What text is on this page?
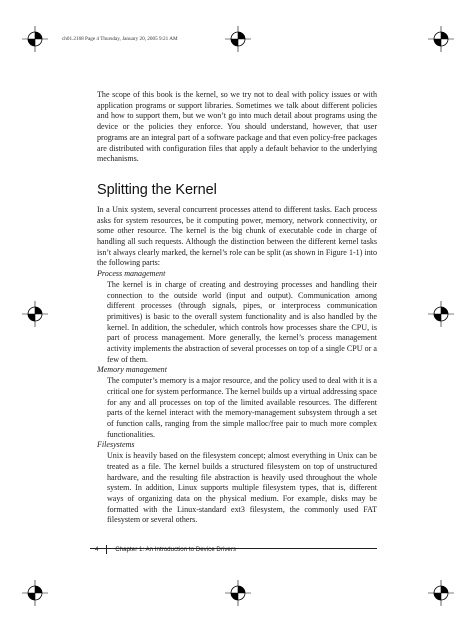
ch01.2168 Page 4 Thursday, January 20, 2005 9:21 AM

The scope of this book is the kernel, so we try not to deal with policy issues or with application programs or support libraries. Sometimes we talk about different policies and how to support them, but we won’t go into much detail about programs using the device or the policies they enforce. You should understand, however, that user programs are an integral part of a software package and that even policy-free packages are distributed with configuration files that apply a default behavior to the underlying mechanisms.

Splitting the Kernel

In a Unix system, several concurrent processes attend to different tasks. Each process asks for system resources, be it computing power, memory, network connectivity, or some other resource. The kernel is the big chunk of executable code in charge of handling all such requests. Although the distinction between the different kernel tasks isn’t always clearly marked, the kernel’s role can be split (as shown in Figure 1-1) into the following parts:

Process management

The kernel is in charge of creating and destroying processes and handling their connection to the outside world (input and output). Communication among different processes (through signals, pipes, or interprocess communication primitives) is basic to the overall system functionality and is also handled by the kernel. In addition, the scheduler, which controls how processes share the CPU, is part of process management. More generally, the kernel’s process management activity implements the abstraction of several processes on top of a single CPU or a few of them.

Memory management

The computer’s memory is a major resource, and the policy used to deal with it is a critical one for system performance. The kernel builds up a virtual addressing space for any and all processes on top of the limited available resources. The different parts of the kernel interact with the memory-management subsystem through a set of function calls, ranging from the simple malloc/free pair to much more complex functionalities.

Filesystems

Unix is heavily based on the filesystem concept; almost everything in Unix can be treated as a file. The kernel builds a structured filesystem on top of unstructured hardware, and the resulting file abstraction is heavily used throughout the whole system. In addition, Linux supports multiple filesystem types, that is, different ways of organizing data on the physical medium. For example, disks may be formatted with the Linux-standard ext3 filesystem, the commonly used FAT filesystem or several others.

4	Chapter 1: An Introduction to Device Drivers
